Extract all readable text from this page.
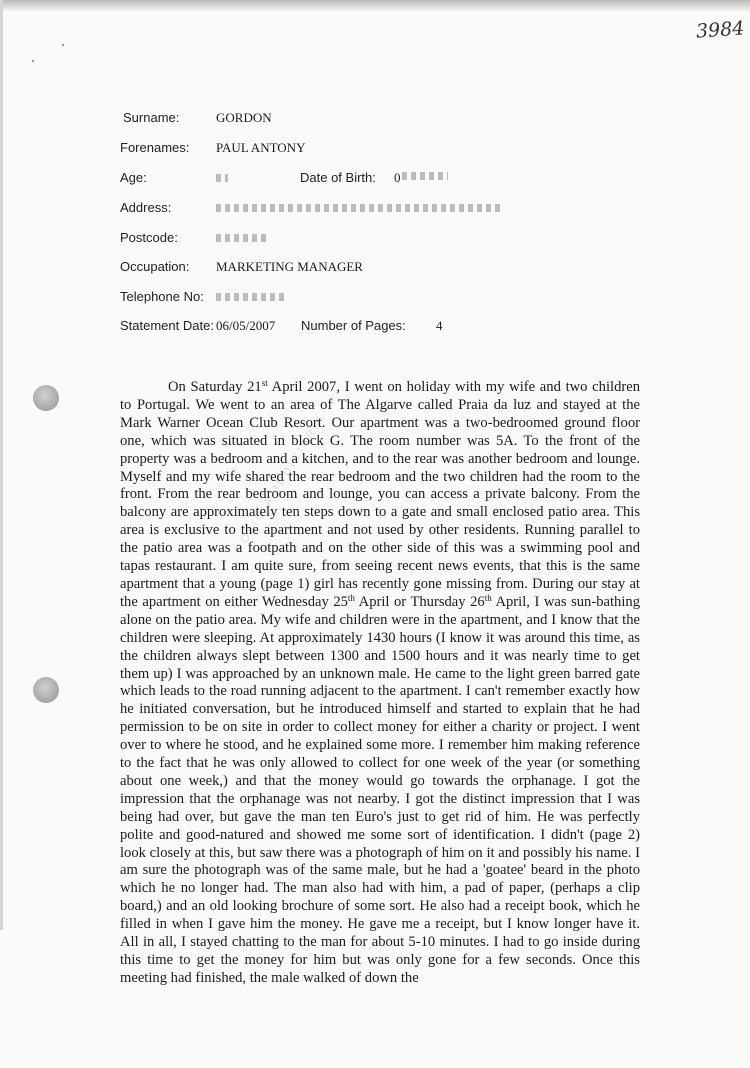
3984
Surname:	GORDON
Forenames: PAUL ANTONY
Age:	Date of Birth: 0
Address:
Postcode:
Occupation: MARKETING MANAGER
Telephone No:
Statement Date: 06/05/2007 Number of Pages: 4
POLICIA JUDICIARIA

On Saturday 21st April 2007, I went on holiday with my wife and two children to Portugal. We went to an area of The Algarve called Praia da luz and stayed at the Mark Warner Ocean Club Resort. Our apartment was a two-bedroomed ground floor one, which was situated in block G. The room number was 5A. To the front of the property was a bedroom and a kitchen, and to the rear was another bedroom and lounge. Myself and my wife shared the rear bedroom and the two children had the room to the front. From the rear bedroom and lounge, you can access a private balcony. From the balcony are approximately ten steps down to a gate and small enclosed patio area. This area is exclusive to the apartment and not used by other residents. Running parallel to the patio area was a footpath and on the other side of this was a swimming pool and tapas restaurant. I am quite sure, from seeing recent news events, that this is the same apartment that a young (page 1) girl has recently gone missing from. During our stay at the apartment on either Wednesday 25th April or Thursday 26th April, I was sun-bathing alone on the patio area. My wife and children were in the apartment, and I know that the children were sleeping. At approximately 1430 hours (I know it was around this time, as the children always slept between 1300 and 1500 hours and it was nearly time to get them up) I was approached by an unknown male. He came to the light green barred gate which leads to the road running adjacent to the apartment. I can't remember exactly how he initiated conversation, but he introduced himself and started to explain that he had permission to be on site in order to collect money for either a charity or project. I went over to where he stood, and he explained some more. I remember him making reference to the fact that he was only allowed to collect for one week of the year (or something about one week,) and that the money would go towards the orphanage. I got the impression that the orphanage was not nearby. I got the distinct impression that I was being had over, but gave the man ten Euro's just to get rid of him. He was perfectly polite and good-natured and showed me some sort of identification. I didn't (page 2) look closely at this, but saw there was a photograph of him on it and possibly his name. I am sure the photograph was of the same male, but he had a 'goatee' beard in the photo which he no longer had. The man also had with him, a pad of paper, (perhaps a clip board,) and an old looking brochure of some sort. He also had a receipt book, which he filled in when I gave him the money. He gave me a receipt, but I know longer have it. All in all, I stayed chatting to the man for about 5-10 minutes. I had to go inside during this time to get the money for him but was only gone for a few seconds. Once this meeting had finished, the male walked of down the
